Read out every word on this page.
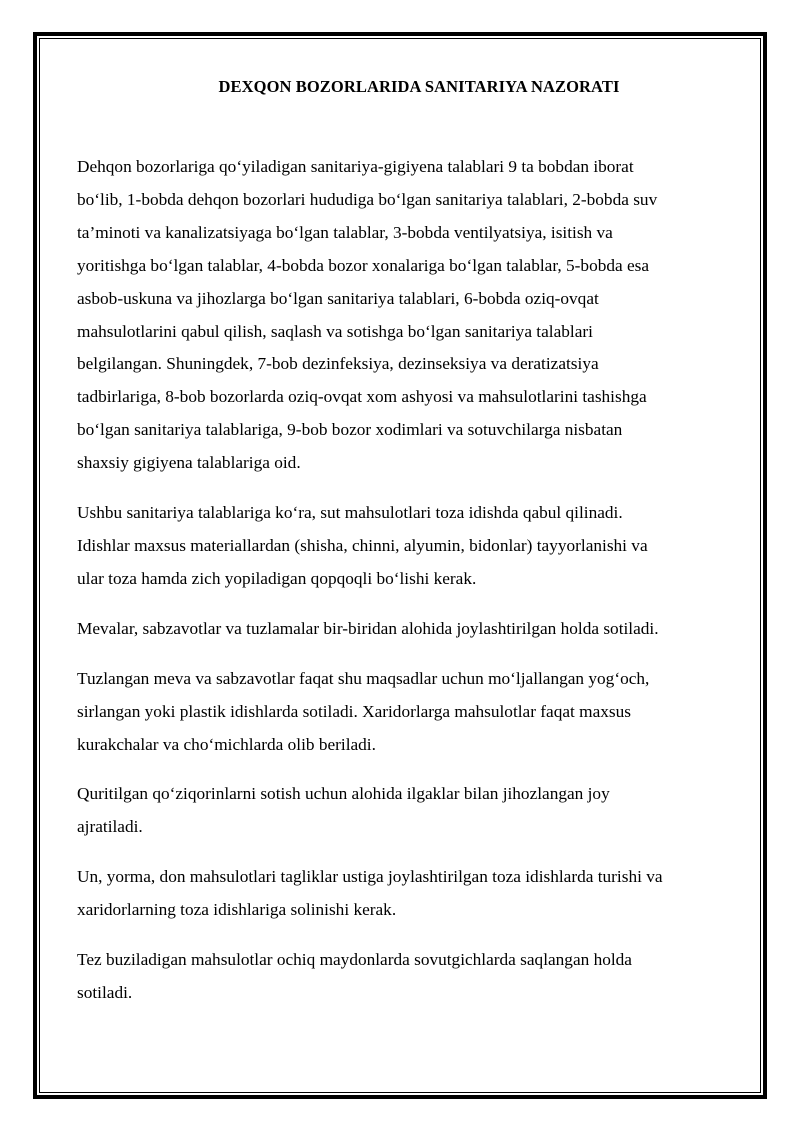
DEXQON BOZORLARIDA SANITARIYA NAZORATI

Dehqon bozorlariga qo‘yiladigan sanitariya-gigiyena talablari 9 ta bobdan iborat
bo‘lib, 1-bobda dehqon bozorlari hududiga bo‘lgan sanitariya talablari, 2-bobda suv
ta’minoti va kanalizatsiyaga bo‘lgan talablar, 3-bobda ventilyatsiya, isitish va
yoritishga bo‘lgan talablar, 4-bobda bozor xonalariga bo‘lgan talablar, 5-bobda esa
asbob-uskuna va jihozlarga bo‘lgan sanitariya talablari, 6-bobda oziq-ovqat
mahsulotlarini qabul qilish, saqlash va sotishga bo‘lgan sanitariya talablari
belgilangan. Shuningdek, 7-bob dezinfeksiya, dezinseksiya va deratizatsiya
tadbirlariga, 8-bob bozorlarda oziq-ovqat xom ashyosi va mahsulotlarini tashishga
bo‘lgan sanitariya talablariga, 9-bob bozor xodimlari va sotuvchilarga nisbatan
shaxsiy gigiyena talablariga oid.

Ushbu sanitariya talablariga ko‘ra, sut mahsulotlari toza idishda qabul qilinadi.
Idishlar maxsus materiallardan (shisha, chinni, alyumin, bidonlar) tayyorlanishi va
ular toza hamda zich yopiladigan qopqoqli bo‘lishi kerak.

Mevalar, sabzavotlar va tuzlamalar bir-biridan alohida joylashtirilgan holda sotiladi.

Tuzlangan meva va sabzavotlar faqat shu maqsadlar uchun mo‘ljallangan yog‘och,
sirlangan yoki plastik idishlarda sotiladi. Xaridorlarga mahsulotlar faqat maxsus
kurakchalar va cho‘michlarda olib beriladi.

Quritilgan qo‘ziqorinlarni sotish uchun alohida ilgaklar bilan jihozlangan joy
ajratiladi.

Un, yorma, don mahsulotlari tagliklar ustiga joylashtirilgan toza idishlarda turishi va
xaridorlarning toza idishlariga solinishi kerak.

Tez buziladigan mahsulotlar ochiq maydonlarda sovutgichlarda saqlangan holda
sotiladi.
